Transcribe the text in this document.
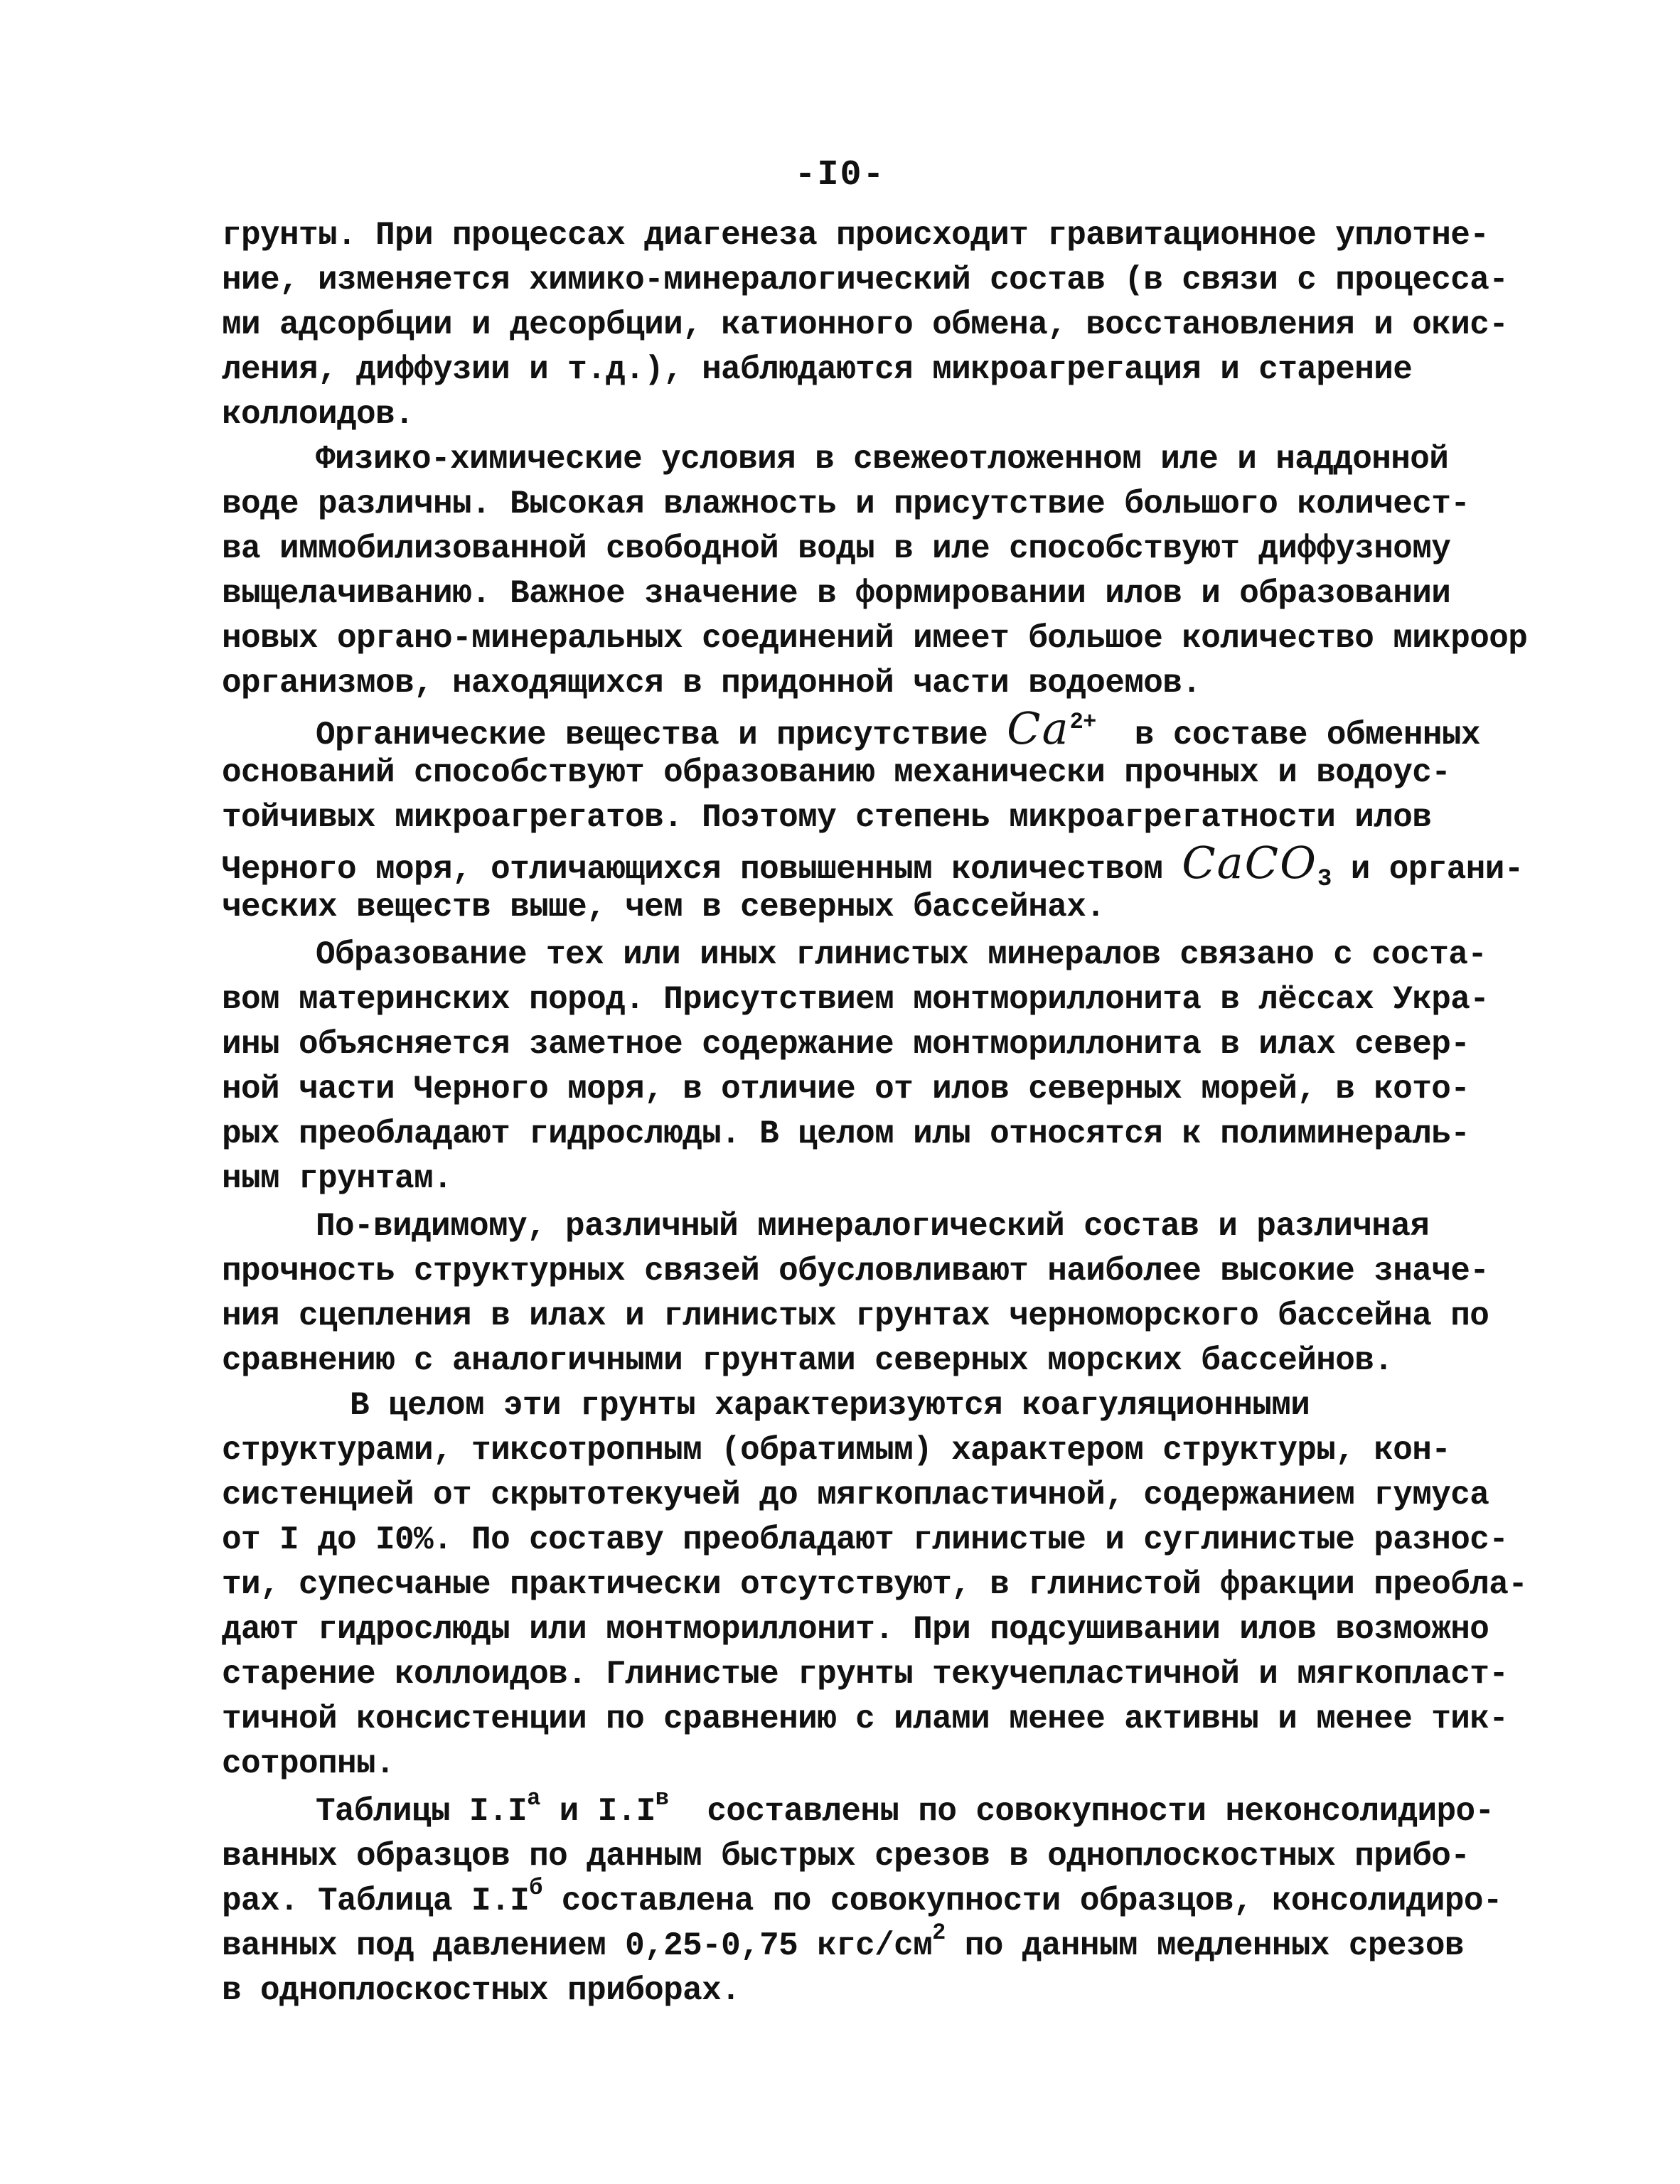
-I0-
грунты. При процессах диагенеза происходит гравитационное уплотне-
ние, изменяется химико-минералогический состав (в связи с процесса-
ми адсорбции и десорбции, катионного обмена, восстановления и окис-
ления, диффузии и т.д.), наблюдаются микроагрегация и старение
коллоидов.
Физико-химические условия в свежеотложенном иле и наддонной
воде различны. Высокая влажность и присутствие большого количест-
ва иммобилизованной свободной воды в иле способствуют диффузному
выщелачиванию. Важное значение в формировании илов и образовании
новых органо-минеральных соединений имеет большое количество микроор
организмов, находящихся в придонной части водоемов.
Органические вещества и присутствие $Ca^{2+}$  в составе обменных
оснований способствуют образованию механически прочных и водоус-
тойчивых микроагрегатов. Поэтому степень микроагрегатности илов
Черного моря, отличающихся повышенным количеством CaCO$_3$ и органи-
ческих веществ выше, чем в северных бассейнах.
Образование тех или иных глинистых минералов связано с соста-
вом материнских пород. Присутствием монтмориллонита в лёссах Укра-
ины объясняется заметное содержание монтмориллонита в илах север-
ной части Черного моря, в отличие от илов северных морей, в кото-
рых преобладают гидрослюды. В целом илы относятся к полиминераль-
ным грунтам.
По-видимому, различный минералогический состав и различная
прочность структурных связей обусловливают наиболее высокие значе-
ния сцепления в илах и глинистых грунтах черноморского бассейна по
сравнению с аналогичными грунтами северных морских бассейнов.
В целом эти грунты характеризуются коагуляционными
структурами, тиксотропным (обратимым) характером структуры, кон-
систенцией от скрытотекучей до мягкопластичной, содержанием гумуса
от I до I0%. По составу преобладают глинистые и суглинистые разнос-
ти, супесчаные практически отсутствуют, в глинистой фракции преобла-
дают гидрослюды или монтмориллонит. При подсушивании илов возможно
старение коллоидов. Глинистые грунты текучепластичной и мягкопласт-
тичной консистенции по сравнению с илами менее активны и менее тик-
сотропны.
Таблицы $I.I^а$ и $I.I^в$  составлены по совокупности неконсолидиро-
ванных образцов по данным быстрых срезов в одноплоскостных прибо-
рах. Таблица $I.I^б$ составлена по совокупности образцов, консолидиро-
ванных под давлением 0,25-0,75 кгс/$см^2$ по данным медленных срезов
в одноплоскостных приборах.
